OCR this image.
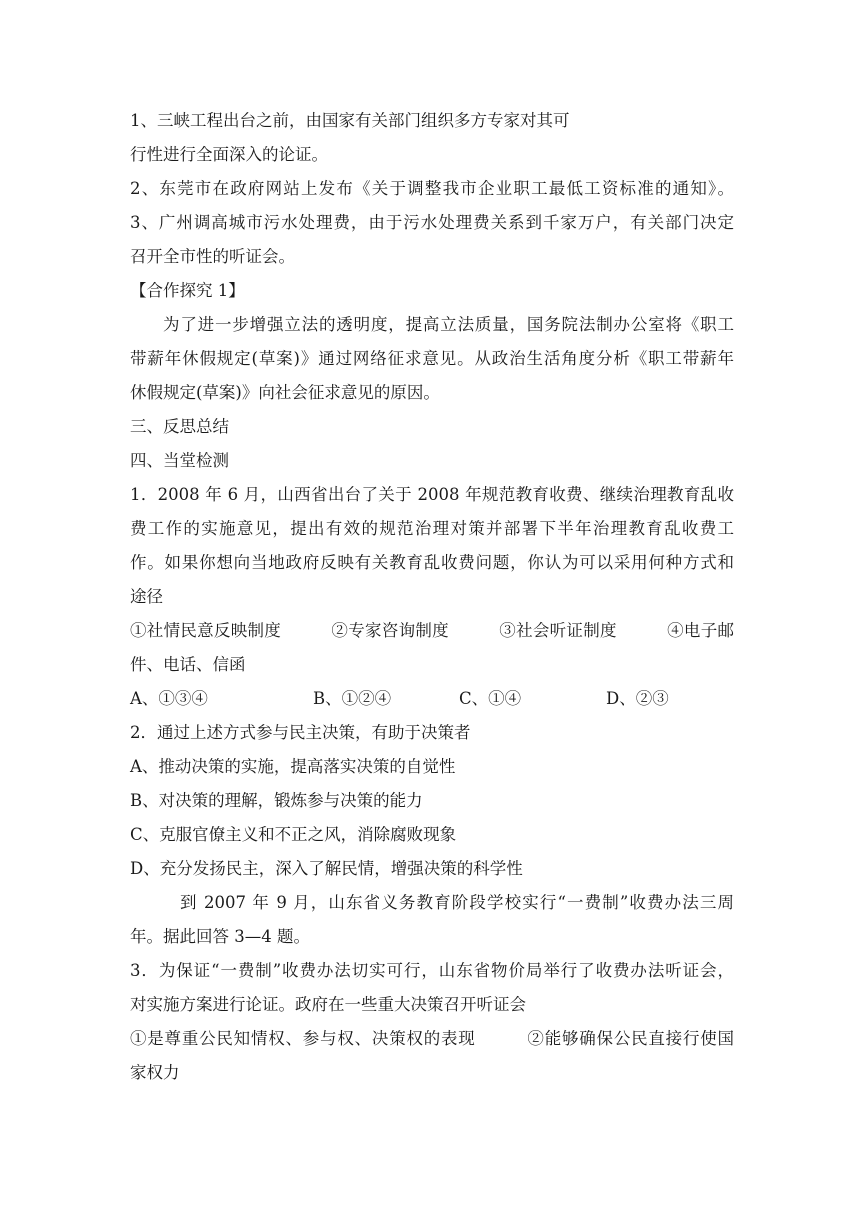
1、三峡工程出台之前，由国家有关部门组织多方专家对其可
行性进行全面深入的论证。
2、东莞市在政府网站上发布《关于调整我市企业职工最低工资标准的通知》。
3、广州调高城市污水处理费，由于污水处理费关系到千家万户，有关部门决定
召开全市性的听证会。
【合作探究 1】
为了进一步增强立法的透明度，提高立法质量，国务院法制办公室将《职工
带薪年休假规定(草案)》通过网络征求意见。从政治生活角度分析《职工带薪年
休假规定(草案)》向社会征求意见的原因。
三、反思总结
四、当堂检测
1．2008 年 6 月，山西省出台了关于 2008 年规范教育收费、继续治理教育乱收
费工作的实施意见，提出有效的规范治理对策并部署下半年治理教育乱收费工
作。如果你想向当地政府反映有关教育乱收费问题，你认为可以采用何种方式和
途径
①社情民意反映制度　　　②专家咨询制度　　　③社会听证制度　　　④电子邮
件、电话、信函
A、①③④	B、①②④	C、①④	D、②③
2．通过上述方式参与民主决策，有助于决策者
A、推动决策的实施，提高落实决策的自觉性
B、对决策的理解，锻炼参与决策的能力
C、克服官僚主义和不正之风，消除腐败现象
D、充分发扬民主，深入了解民情，增强决策的科学性
到 2007 年 9 月，山东省义务教育阶段学校实行“一费制”收费办法三周
年。据此回答 3—4 题。
3．为保证“一费制”收费办法切实可行，山东省物价局举行了收费办法听证会，
对实施方案进行论证。政府在一些重大决策召开听证会
①是尊重公民知情权、参与权、决策权的表现　　　②能够确保公民直接行使国
家权力
